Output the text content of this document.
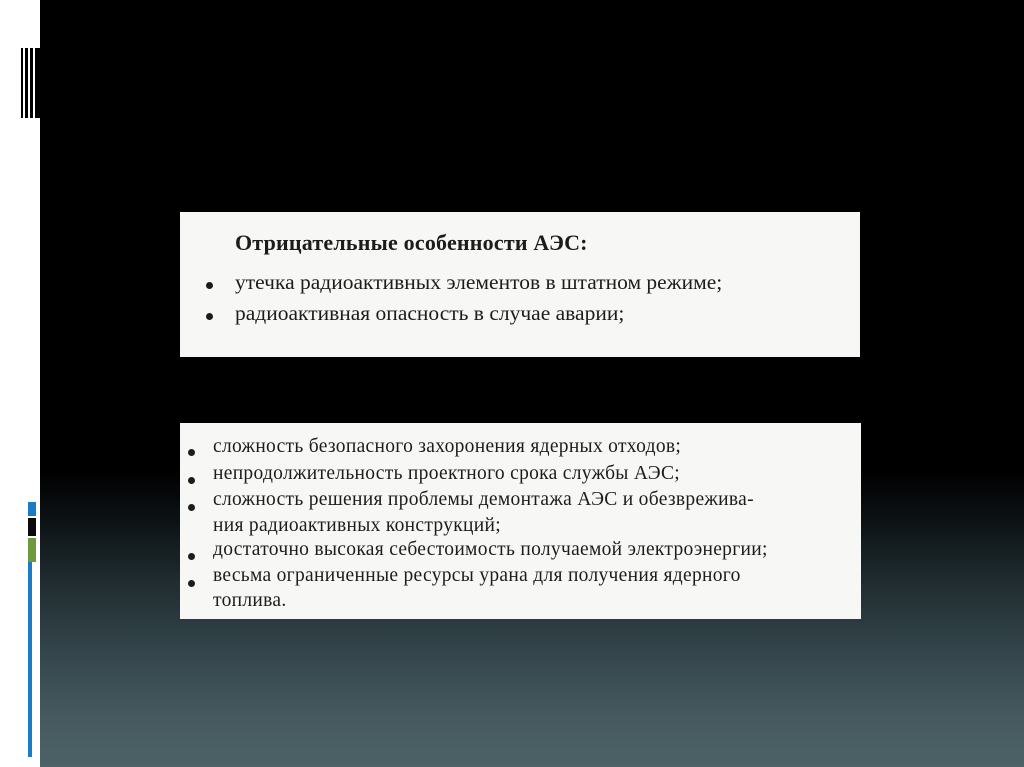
Отрицательные особенности АЭС:
утечка радиоактивных элементов в штатном режиме;
радиоактивная опасность в случае аварии;
сложность безопасного захоронения ядерных отходов;
непродолжительность проектного срока службы АЭС;
сложность решения проблемы демонтажа АЭС и обезврежива-
ния радиоактивных конструкций;
достаточно высокая себестоимость получаемой электроэнергии;
весьма ограниченные ресурсы урана для получения ядерного
топлива.
